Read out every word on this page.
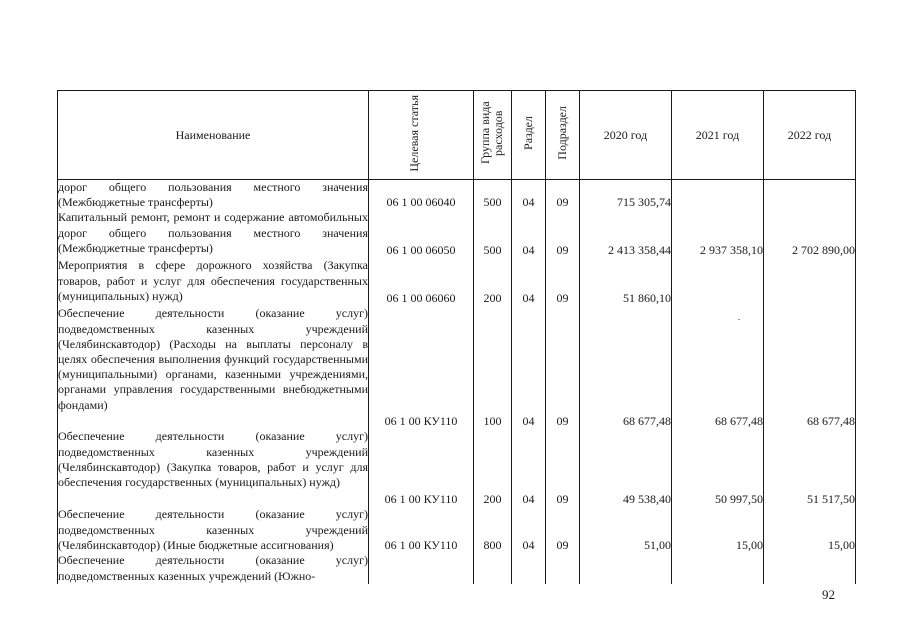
Наименование	Целевая статья	Группа вида расходов	Раздел	Подраздел	2020 год	2021 год	2022 год

дорог общего пользования местного значения (Межбюджетные трансферты)	06 1 00 06040	500	04	09	715 305,74		

Капитальный ремонт, ремонт и содержание автомобильных дорог общего пользования местного значения (Межбюджетные трансферты)	06 1 00 06050	500	04	09	2 413 358,44	2 937 358,10	2 702 890,00

Мероприятия в сфере дорожного хозяйства (Закупка товаров, работ и услуг для обеспечения государственных (муниципальных) нужд)	06 1 00 06060	200	04	09	51 860,10		

Обеспечение деятельности (оказание услуг) подведомственных казенных учреждений (Челябинскавтодор) (Расходы на выплаты персоналу в целях обеспечения выполнения функций государственными (муниципальными) органами, казенными учреждениями, органами управления государственными внебюджетными фондами)	06 1 00 КУ110	100	04	09	68 677,48	68 677,48	68 677,48

Обеспечение деятельности (оказание услуг) подведомственных казенных учреждений (Челябинскавтодор) (Закупка товаров, работ и услуг для обеспечения государственных (муниципальных) нужд)	06 1 00 КУ110	200	04	09	49 538,40	50 997,50	51 517,50

Обеспечение деятельности (оказание услуг) подведомственных казенных учреждений (Челябинскавтодор) (Иные бюджетные ассигнования)	06 1 00 КУ110	800	04	09	51,00	15,00	15,00

Обеспечение деятельности (оказание услуг) подведомственных казенных учреждений (Южно-							

92
